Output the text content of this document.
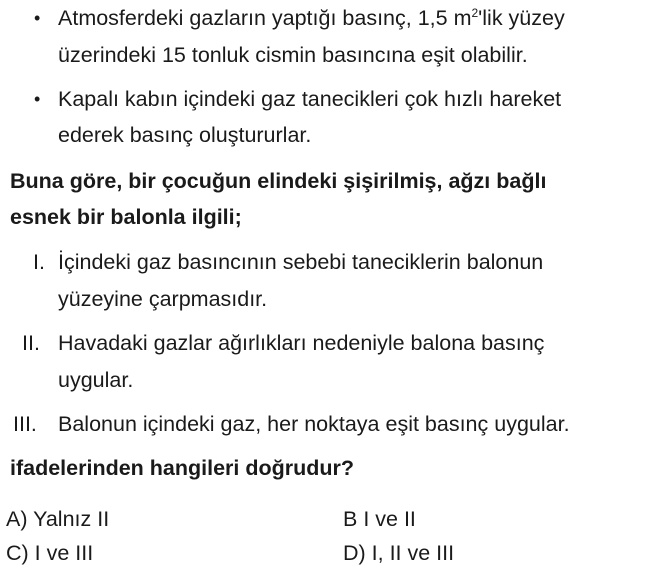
• Atmosferdeki gazların yaptığı basınç, 1,5 $m^2'lik$ yüzey
üzerindeki 15 tonluk cismin basıncına eşit olabilir.
• Kapalı kabın içindeki gaz tanecikleri çok hızlı hareket
ederek basınç oluştururlar.
Buna göre, bir çocuğun elindeki şişirilmiş, ağzı bağlı
esnek bir balonla ilgili;
I. İçindeki gaz basıncının sebebi taneciklerin balonun
yüzeyine çarpmasıdır.
II. Havadaki gazlar ağırlıkları nedeniyle balona basınç
uygular.
III. Balonun içindeki gaz, her noktaya eşit basınç uygular.
ifadelerinden hangileri doğrudur?
A) Yalnız II	B I ve II
C) I ve III	D) I, II ve III
